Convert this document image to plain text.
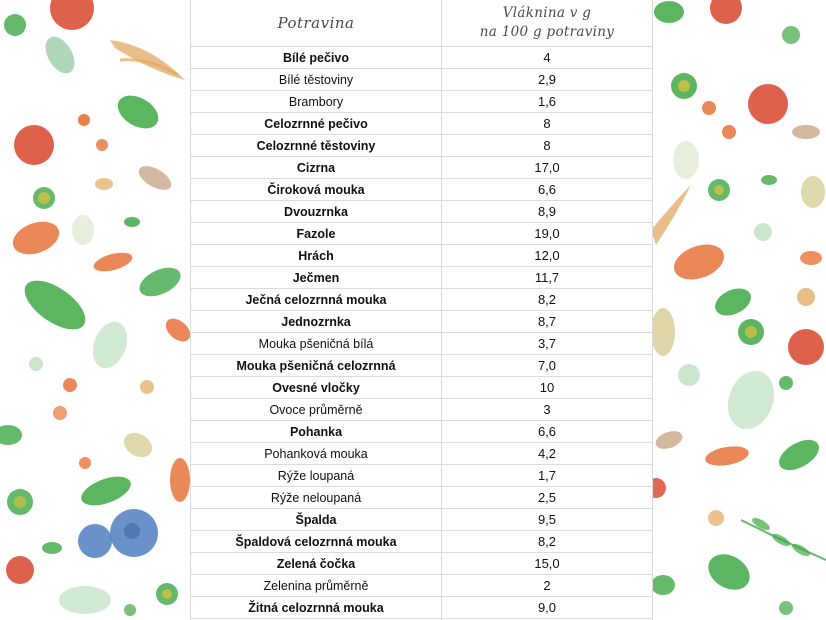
Potravina
Vláknina v g
na 100 g potraviny
Bílé pečivo	4
Bílé těstoviny	2,9
Brambory	1,6
Celozrnné pečivo	8
Celozrnné těstoviny	8
Cizrna	17,0
Čiroková mouka	6,6
Dvouzrnka	8,9
Fazole	19,0
Hrách	12,0
Ječmen	11,7
Ječná celozrnná mouka	8,2
Jednozrnka	8,7
Mouka pšeničná bílá	3,7
Mouka pšeničná celozrnná	7,0
Ovesné vločky	10
Ovoce průměrně	3
Pohanka	6,6
Pohanková mouka	4,2
Rýže loupaná	1,7
Rýže neloupaná	2,5
Špalda	9,5
Špaldová celozrnná mouka	8,2
Zelená čočka	15,0
Zelenina průměrně	2
Žitná celozrnná mouka	9,0
